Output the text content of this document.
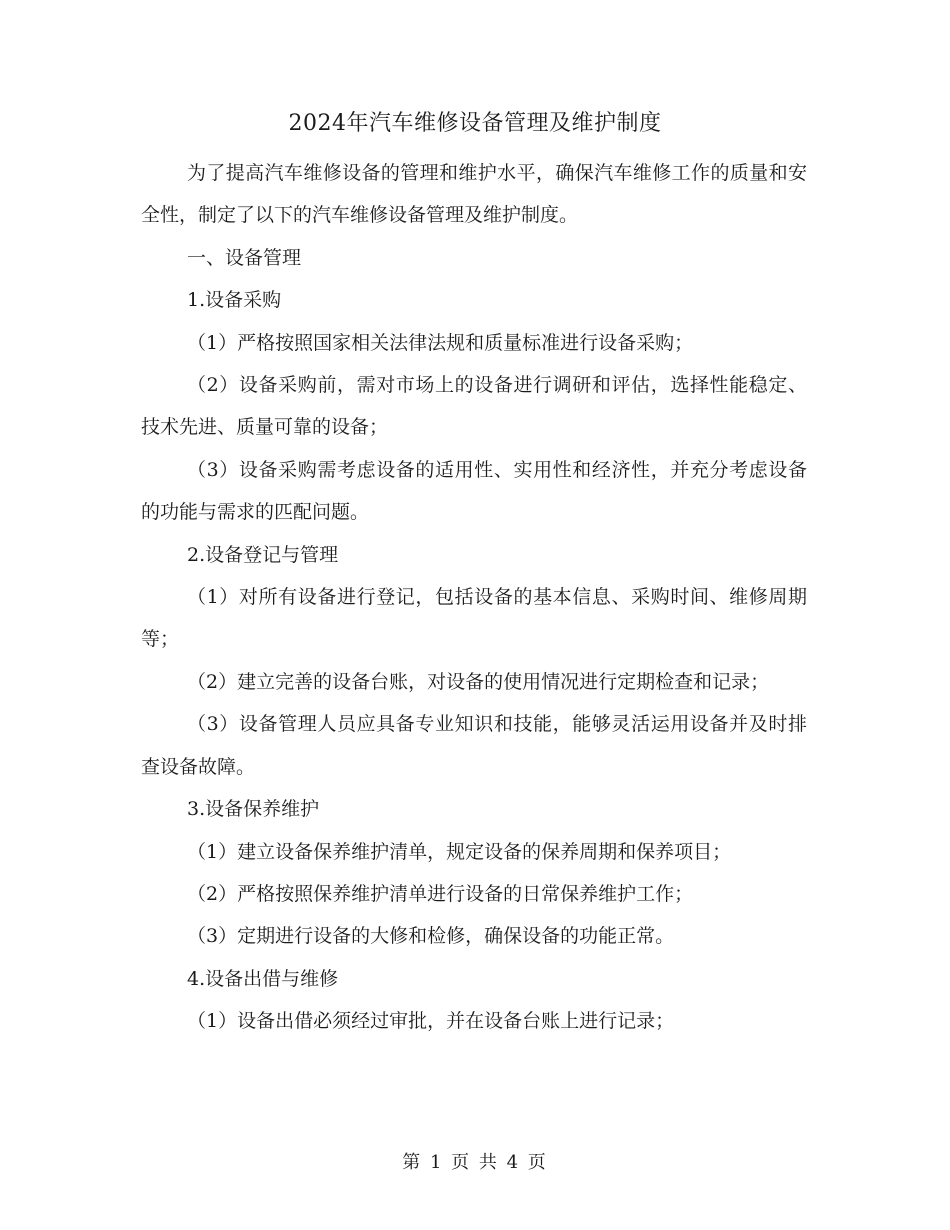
2024年汽车维修设备管理及维护制度

为了提高汽车维修设备的管理和维护水平，确保汽车维修工作的质量和安全性，制定了以下的汽车维修设备管理及维护制度。

一、设备管理

1.设备采购

（1）严格按照国家相关法律法规和质量标准进行设备采购；

（2）设备采购前，需对市场上的设备进行调研和评估，选择性能稳定、技术先进、质量可靠的设备；

（3）设备采购需考虑设备的适用性、实用性和经济性，并充分考虑设备的功能与需求的匹配问题。

2.设备登记与管理

（1）对所有设备进行登记，包括设备的基本信息、采购时间、维修周期等；

（2）建立完善的设备台账，对设备的使用情况进行定期检查和记录；

（3）设备管理人员应具备专业知识和技能，能够灵活运用设备并及时排查设备故障。

3.设备保养维护

（1）建立设备保养维护清单，规定设备的保养周期和保养项目；

（2）严格按照保养维护清单进行设备的日常保养维护工作；

（3）定期进行设备的大修和检修，确保设备的功能正常。

4.设备出借与维修

（1）设备出借必须经过审批，并在设备台账上进行记录；

第 1 页 共 4 页
